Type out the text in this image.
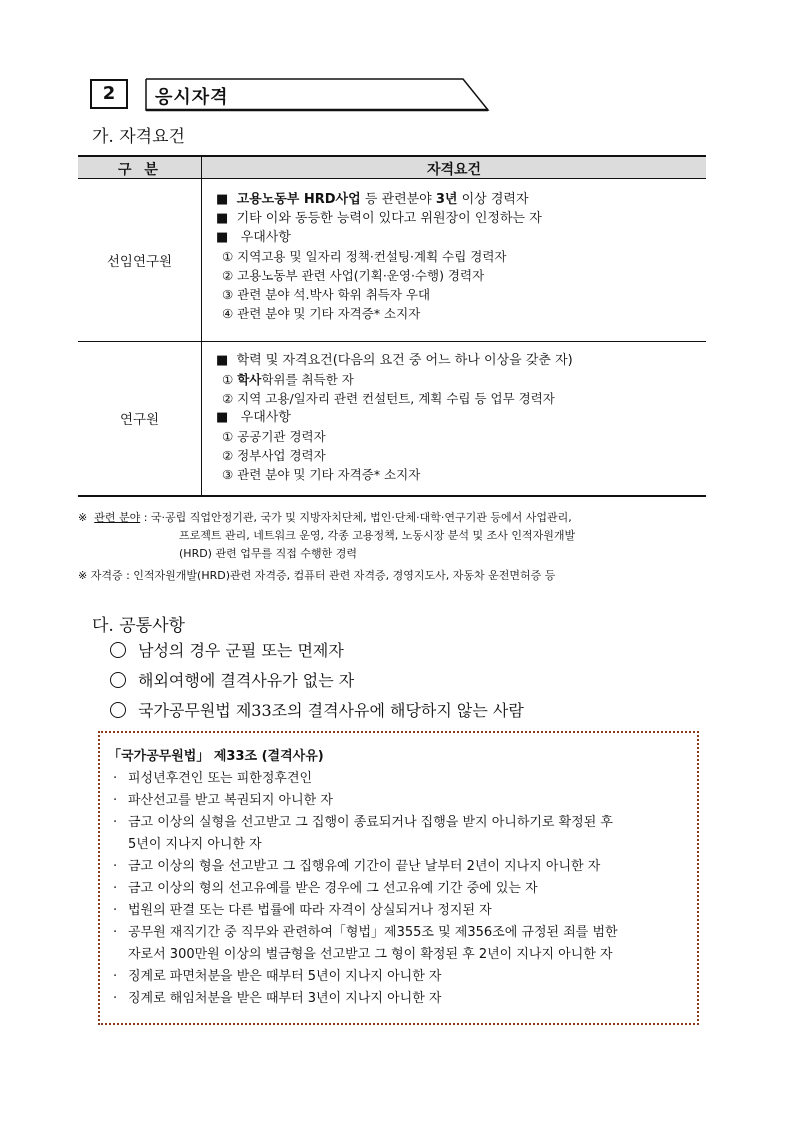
2	응시자격
가. 자격요건
구 분	자격요건
선임연구원
■ 고용노동부 HRD사업 등 관련분야 3년 이상 경력자
■ 기타 이와 동등한 능력이 있다고 위원장이 인정하는 자
■   우대사항
① 지역고용 및 일자리 정책·컨설팅·계획 수립 경력자
② 고용노동부 관련 사업(기획·운영·수행) 경력자
③ 관련 분야 석.박사 학위 취득자 우대
④ 관련 분야 및 기타 자격증* 소지자
연구원
■ 학력 및 자격요건(다음의 요건 중 어느 하나 이상을 갖춘 자)
① 학사학위를 취득한 자
② 지역 고용/일자리 관련 컨설턴트, 계획 수립 등 업무 경력자
■   우대사항
① 공공기관 경력자
② 정부사업 경력자
③ 관련 분야 및 기타 자격증* 소지자
※ 관련 분야 : 국·공립 직업안정기관, 국가 및 지방자치단체, 법인·단체·대학·연구기관 등에서 사업관리,
프로젝트 관리, 네트워크 운영, 각종 고용정책, 노동시장 분석 및 조사 인적자원개발
(HRD) 관련 업무를 직접 수행한 경력
※ 자격증 : 인적자원개발(HRD)관련 자격증, 컴퓨터 관련 자격증, 경영지도사, 자동차 운전면허증 등
다. 공통사항
남성의 경우 군필 또는 면제자
해외여행에 결격사유가 없는 자
국가공무원법 제33조의 결격사유에 해당하지 않는 사람
「국가공무원법」 제33조 (결격사유)
· 피성년후견인 또는 피한정후견인
· 파산선고를 받고 복권되지 아니한 자
· 금고 이상의 실형을 선고받고 그 집행이 종료되거나 집행을 받지 아니하기로 확정된 후
5년이 지나지 아니한 자
· 금고 이상의 형을 선고받고 그 집행유예 기간이 끝난 날부터 2년이 지나지 아니한 자
· 금고 이상의 형의 선고유예를 받은 경우에 그 선고유예 기간 중에 있는 자
· 법원의 판결 또는 다른 법률에 따라 자격이 상실되거나 정지된 자
· 공무원 재직기간 중 직무와 관련하여「형법」제355조 및 제356조에 규정된 죄를 범한
자로서 300만원 이상의 벌금형을 선고받고 그 형이 확정된 후 2년이 지나지 아니한 자
· 징계로 파면처분을 받은 때부터 5년이 지나지 아니한 자
· 징계로 해임처분을 받은 때부터 3년이 지나지 아니한 자
